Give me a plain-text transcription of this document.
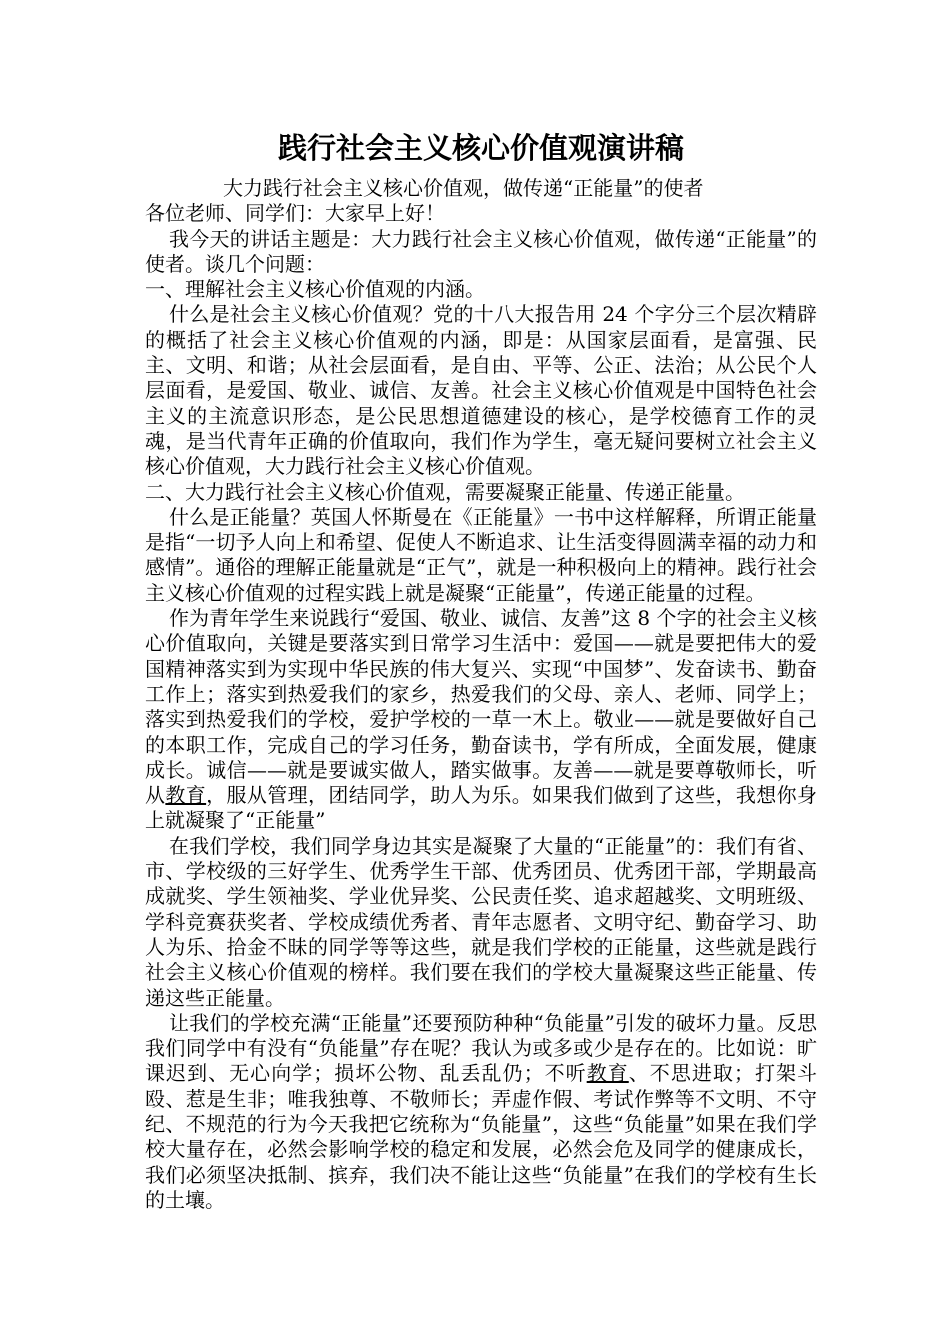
践行社会主义核心价值观演讲稿

大力践行社会主义核心价值观，做传递“正能量”的使者

各位老师、同学们：大家早上好！

我今天的讲话主题是：大力践行社会主义核心价值观，做传递“正能量”的使者。谈几个问题：

一、理解社会主义核心价值观的内涵。

什么是社会主义核心价值观？党的十八大报告用 24 个字分三个层次精辟的概括了社会主义核心价值观的内涵，即是：从国家层面看，是富强、民主、文明、和谐；从社会层面看，是自由、平等、公正、法治；从公民个人层面看，是爱国、敬业、诚信、友善。社会主义核心价值观是中国特色社会主义的主流意识形态，是公民思想道德建设的核心，是学校德育工作的灵魂，是当代青年正确的价值取向，我们作为学生，毫无疑问要树立社会主义核心价值观，大力践行社会主义核心价值观。

二、大力践行社会主义核心价值观，需要凝聚正能量、传递正能量。

什么是正能量？英国人怀斯曼在《正能量》一书中这样解释，所谓正能量是指“一切予人向上和希望、促使人不断追求、让生活变得圆满幸福的动力和感情”。通俗的理解正能量就是“正气”，就是一种积极向上的精神。践行社会主义核心价值观的过程实践上就是凝聚“正能量”，传递正能量的过程。

作为青年学生来说践行“爱国、敬业、诚信、友善”这 8 个字的社会主义核心价值取向，关键是要落实到日常学习生活中：爱国——就是要把伟大的爱国精神落实到为实现中华民族的伟大复兴、实现“中国梦”、发奋读书、勤奋工作上；落实到热爱我们的家乡，热爱我们的父母、亲人、老师、同学上；落实到热爱我们的学校，爱护学校的一草一木上。敬业——就是要做好自己的本职工作，完成自己的学习任务，勤奋读书，学有所成，全面发展，健康成长。诚信——就是要诚实做人，踏实做事。友善——就是要尊敬师长，听从教育，服从管理，团结同学，助人为乐。如果我们做到了这些，我想你身上就凝聚了“正能量”

在我们学校，我们同学身边其实是凝聚了大量的“正能量”的：我们有省、市、学校级的三好学生、优秀学生干部、优秀团员、优秀团干部，学期最高成就奖、学生领袖奖、学业优异奖、公民责任奖、追求超越奖、文明班级、学科竞赛获奖者、学校成绩优秀者、青年志愿者、文明守纪、勤奋学习、助人为乐、拾金不昧的同学等等这些，就是我们学校的正能量，这些就是践行社会主义核心价值观的榜样。我们要在我们的学校大量凝聚这些正能量、传递这些正能量。

让我们的学校充满“正能量”还要预防种种“负能量”引发的破坏力量。反思我们同学中有没有“负能量”存在呢？我认为或多或少是存在的。比如说：旷课迟到、无心向学；损坏公物、乱丢乱仍；不听教育、不思进取；打架斗殴、惹是生非；唯我独尊、不敬师长；弄虚作假、考试作弊等不文明、不守纪、不规范的行为今天我把它统称为“负能量”，这些“负能量”如果在我们学校大量存在，必然会影响学校的稳定和发展，必然会危及同学的健康成长，我们必须坚决抵制、摈弃，我们决不能让这些“负能量”在我们的学校有生长的土壤。
